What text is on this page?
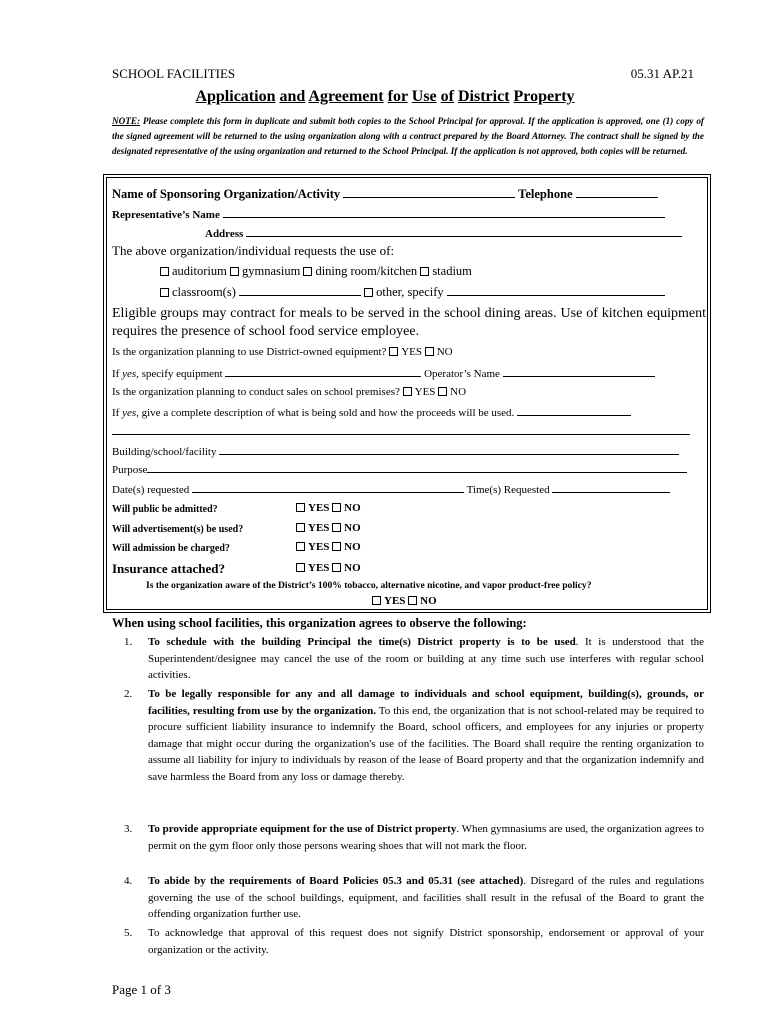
SCHOOL FACILITIES	05.31 AP.21
Application and Agreement for Use of District Property
NOTE: Please complete this form in duplicate and submit both copies to the School Principal for approval. If the application is approved, one (1) copy of the signed agreement will be returned to the using organization along with a contract prepared by the Board Attorney. The contract shall be signed by the designated representative of the using organization and returned to the School Principal. If the application is not approved, both copies will be returned.
Name of Sponsoring Organization/Activity	Telephone
Representative’s Name
Address
The above organization/individual requests the use of:
auditorium gymnasium dining room/kitchen stadium
classroom(s)	other, specify
Eligible groups may contract for meals to be served in the school dining areas. Use of kitchen equipment requires the presence of school food service employee.
Is the organization planning to use District-owned equipment? YES NO
If yes, specify equipment	Operator’s Name
Is the organization planning to conduct sales on school premises? YES NO
If yes, give a complete description of what is being sold and how the proceeds will be used.
Building/school/facility
Purpose
Date(s) requested	Time(s) Requested
Will public be admitted?	YES NO
Will advertisement(s) be used?	YES NO
Will admission be charged?	YES NO
Insurance attached?	YES NO
Is the organization aware of the District’s 100% tobacco, alternative nicotine, and vapor product-free policy?
YES NO
When using school facilities, this organization agrees to observe the following:
1. To schedule with the building Principal the time(s) District property is to be used. It is understood that the Superintendent/designee may cancel the use of the room or building at any time such use interferes with regular school activities.
2. To be legally responsible for any and all damage to individuals and school equipment, building(s), grounds, or facilities, resulting from use by the organization. To this end, the organization that is not school-related may be required to procure sufficient liability insurance to indemnify the Board, school officers, and employees for any injuries or property damage that might occur during the organization's use of the facilities. The Board shall require the renting organization to assume all liability for injury to individuals by reason of the lease of Board property and that the organization indemnify and save harmless the Board from any loss or damage thereby.
3. To provide appropriate equipment for the use of District property. When gymnasiums are used, the organization agrees to permit on the gym floor only those persons wearing shoes that will not mark the floor.
4. To abide by the requirements of Board Policies 05.3 and 05.31 (see attached). Disregard of the rules and regulations governing the use of the school buildings, equipment, and facilities shall result in the refusal of the Board to grant the offending organization further use.
5. To acknowledge that approval of this request does not signify District sponsorship, endorsement or approval of your organization or the activity.
Page 1 of 3
